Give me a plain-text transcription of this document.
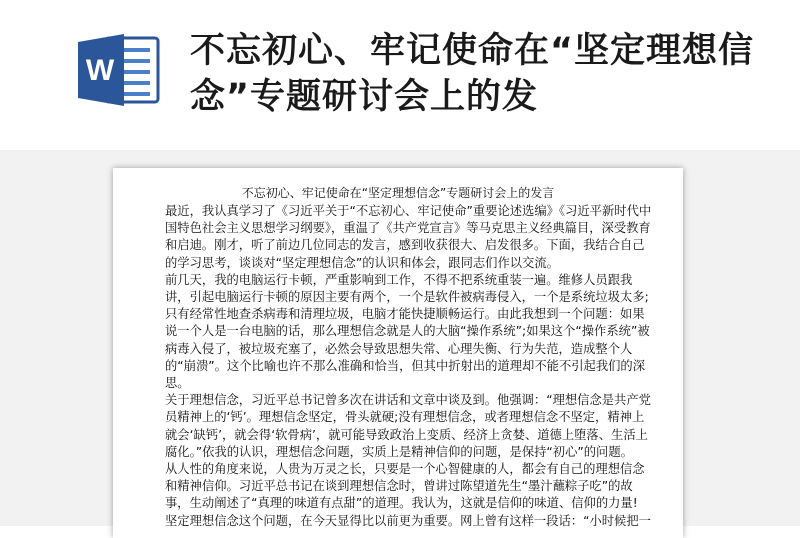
W 不忘初心、牢记使命在“坚定理想信念”专题研讨会上的发
不忘初心、牢记使命在“坚定理想信念”专题研讨会上的发言

最近，我认真学习了《习近平关于“不忘初心、牢记使命”重要论述选编》《习近平新时代中国特色社会主义思想学习纲要》，重温了《共产党宣言》等马克思主义经典篇目，深受教育和启迪。刚才，听了前边几位同志的发言，感到收获很大、启发很多。下面，我结合自己的学习思考，谈谈对“坚定理想信念”的认识和体会，跟同志们作以交流。

前几天，我的电脑运行卡顿，严重影响到工作，不得不把系统重装一遍。维修人员跟我讲，引起电脑运行卡顿的原因主要有两个，一个是软件被病毒侵入，一个是系统垃圾太多;只有经常性地查杀病毒和清理垃圾，电脑才能快捷顺畅运行。由此我想到一个问题：如果说一个人是一台电脑的话，那么理想信念就是人的大脑“操作系统”;如果这个“操作系统”被病毒入侵了，被垃圾充塞了，必然会导致思想失常、心理失衡、行为失范，造成整个人的“崩溃”。这个比喻也许不那么准确和恰当，但其中折射出的道理却不能不引起我们的深思。

关于理想信念，习近平总书记曾多次在讲话和文章中谈及到。他强调：“理想信念是共产党员精神上的‘钙’。理想信念坚定，骨头就硬;没有理想信念，或者理想信念不坚定，精神上就会‘缺钙’，就会得‘软骨病’，就可能导致政治上变质、经济上贪婪、道德上堕落、生活上腐化。”依我的认识，理想信念问题，实质上是精神信仰的问题，是保持“初心”的问题。

从人性的角度来说，人贵为万灵之长，只要是一个心智健康的人，都会有自己的理想信念和精神信仰。习近平总书记在谈到理想信念时，曾讲过陈望道先生“墨汁蘸粽子吃”的故事，生动阐述了“真理的味道有点甜”的道理。我认为，这就是信仰的味道、信仰的力量!

坚定理想信念这个问题，在今天显得比以前更为重要。网上曾有这样一段话：“小时候把一
